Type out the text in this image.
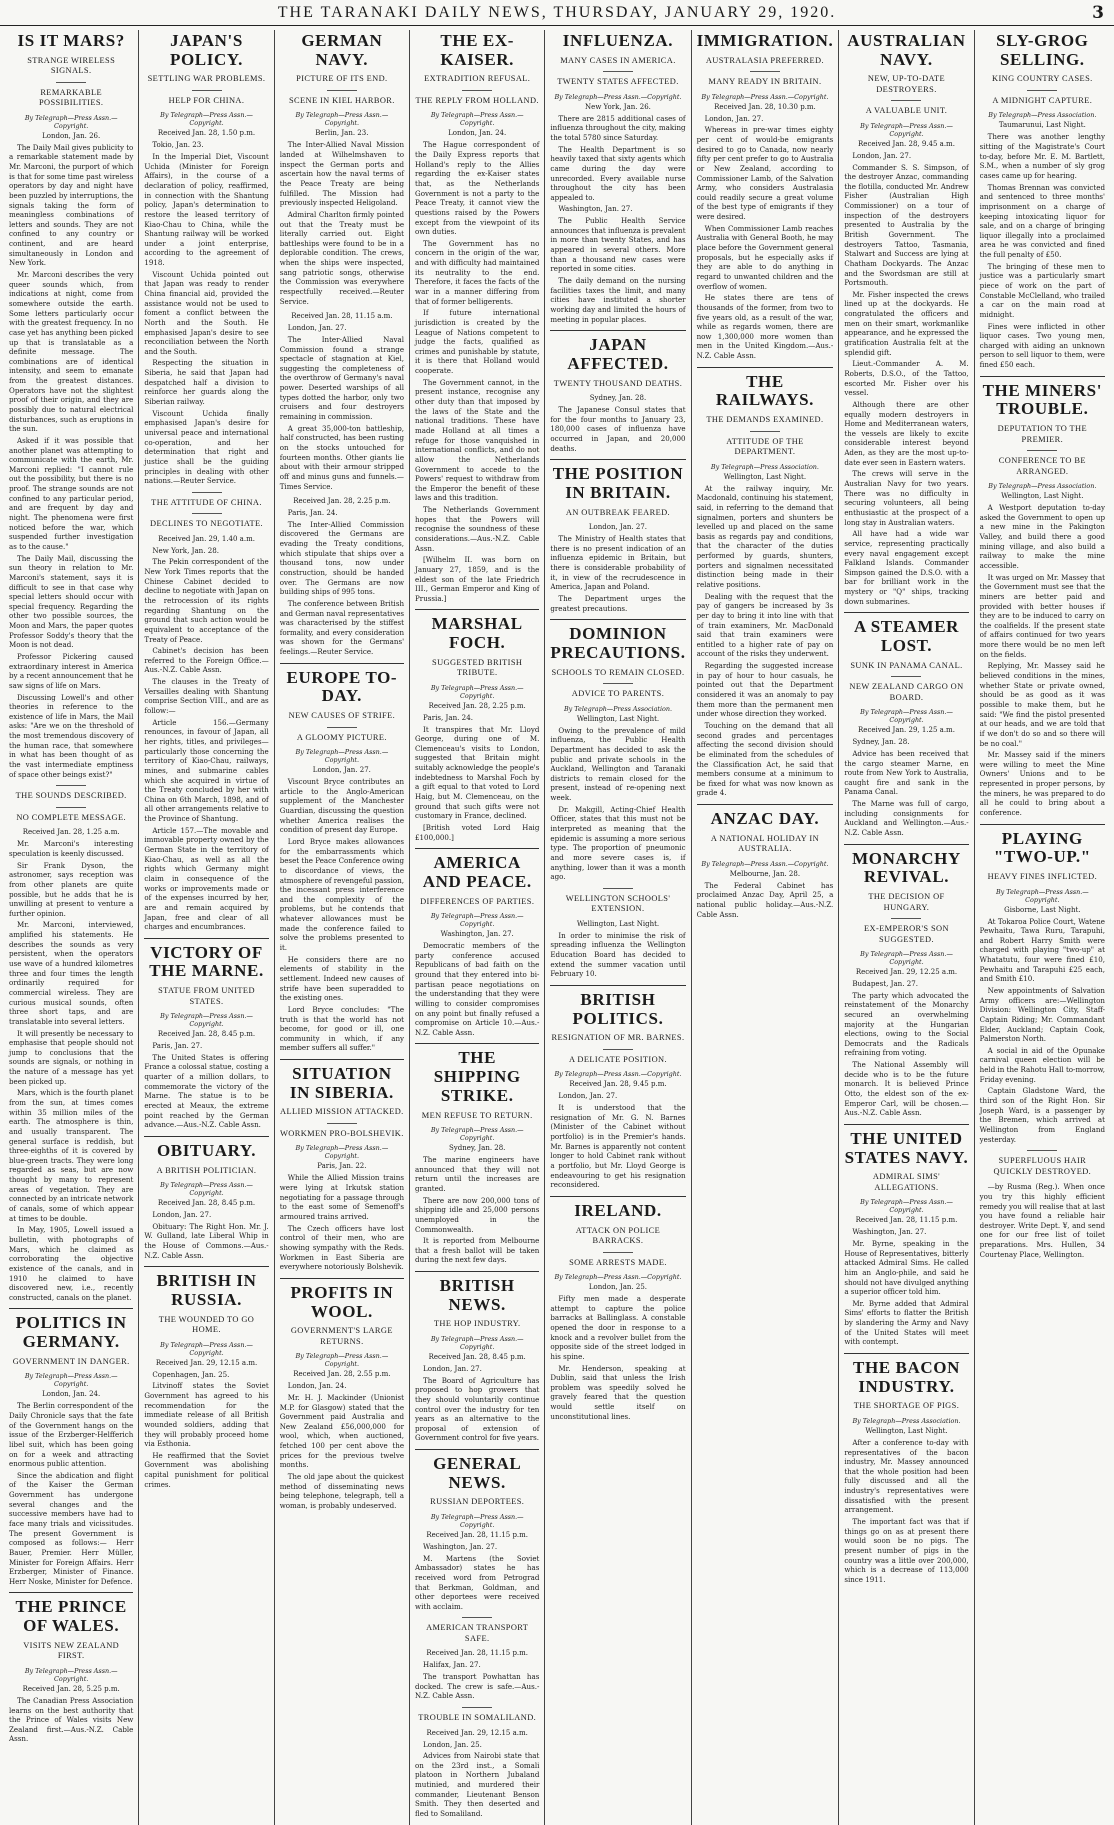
THE TARANAKI DAILY NEWS, THURSDAY, JANUARY 29, 1920.	3
IS IT MARS?
STRANGE WIRELESS SIGNALS.
REMARKABLE POSSIBILITIES.
By Telegraph—Press Assn.—Copyright.
London, Jan. 26.

The Daily Mail gives publicity to a remarkable statement made by Mr. Marconi, the purport of which is that for some time past wireless operators by day and night have been puzzled by interruptions, the signals taking the form of meaningless combinations of letters and sounds. They are not confined to any country or continent, and are heard simultaneously in London and New York.

Mr. Marconi describes the very queer sounds which, from indications at night, come from somewhere outside the earth. Some letters particularly occur with the greatest frequency. In no case yet has anything been picked up that is translatable as a definite message. The combinations are of identical intensity, and seem to emanate from the greatest distances. Operators have not the slightest proof of their origin, and they are possibly due to natural electrical disturbances, such as eruptions in the sun.

Asked if it was possible that another planet was attempting to communicate with the earth, Mr. Marconi replied: "I cannot rule out the possibility, but there is no proof. The strange sounds are not confined to any particular period, and are frequent by day and night. The phenomena were first noticed before the war, which suspended further investigation as to the cause."

The Daily Mail, discussing the sun theory in relation to Mr. Marconi's statement, says it is difficult to see in that case why special letters should occur with special frequency. Regarding the other two possible sources, the Moon and Mars, the paper quotes Professor Soddy's theory that the Moon is not dead.

Professor Pickering caused extraordinary interest in America by a recent announcement that he saw signs of life on Mars.

Discussing Lowell's and other theories in reference to the existence of life in Mars, the Mail asks: "Are we on the threshold of the most tremendous discovery of the human race, that somewhere in what has been thought of as the vast intermediate emptiness of space other beings exist?"

THE SOUNDS DESCRIBED.
NO COMPLETE MESSAGE.
Received Jan. 28, 1.25 a.m.

Mr. Marconi's interesting speculation is keenly discussed.

Sir Frank Dyson, the astronomer, says reception was from other planets are quite possible, but he adds that he is unwilling at present to venture a further opinion.

Mr. Marconi, interviewed, amplified his statements. He describes the sounds as very persistent, when the operators use wave of a hundred kilometres three and four times the length ordinarily required for commercial wireless. They are curious musical sounds, often three short taps, and are translatable into several letters.

It will presently be necessary to emphasise that people should not jump to conclusions that the sounds are signals, or nothing in the nature of a message has yet been picked up.

Mars, which is the fourth planet from the sun, at times comes within 35 million miles of the earth. The atmosphere is thin, and usually transparent. The general surface is reddish, but three-eighths of it is covered by blue-green tracts. They were long regarded as seas, but are now thought by many to represent areas of vegetation. They are connected by an intricate network of canals, some of which appear at times to be double.

In May, 1905, Lowell issued a bulletin, with photographs of Mars, which he claimed as corroborating the objective existence of the canals, and in 1910 he claimed to have discovered new, i.e., recently constructed, canals on the planet.

POLITICS IN GERMANY.
GOVERNMENT IN DANGER.
By Telegraph—Press Assn.—Copyright.
London, Jan. 24.

The Berlin correspondent of the Daily Chronicle says that the fate of the Government hangs on the issue of the Erzberger-Helfferich libel suit, which has been going on for a week and attracting enormous public attention.

Since the abdication and flight of the Kaiser the German Government has undergone several changes and the successive members have had to face many trials and vicissitudes. The present Government is composed as follows:— Herr Bauer, Premier. Herr Müller, Minister for Foreign Affairs. Herr Erzberger, Minister of Finance. Herr Noske, Minister for Defence.

THE PRINCE OF WALES.
VISITS NEW ZEALAND FIRST.
By Telegraph—Press Assn.—Copyright.
Received Jan. 28, 5.25 p.m.

The Canadian Press Association learns on the best authority that the Prince of Wales visits New Zealand first.—Aus.-N.Z. Cable Assn.

JAPAN'S POLICY.
SETTLING WAR PROBLEMS.
HELP FOR CHINA.
By Telegraph—Press Assn.—Copyright.
Received Jan. 28, 1.50 p.m.

Tokio, Jan. 23.

In the Imperial Diet, Viscount Uchida (Minister for Foreign Affairs), in the course of a declaration of policy, reaffirmed, in connection with the Shantung policy, Japan's determination to restore the leased territory of Kiao-Chau to China, while the Shantung railway will be worked under a joint enterprise, according to the agreement of 1918.

Viscount Uchida pointed out that Japan was ready to render China financial aid, provided the assistance would not be used to foment a conflict between the North and the South. He emphasised Japan's desire to see reconciliation between the North and the South.

Respecting the situation in Siberia, he said that Japan had despatched half a division to reinforce her guards along the Siberian railway.

Viscount Uchida finally emphasised Japan's desire for universal peace and international co-operation, and her determination that right and justice shall be the guiding principles in dealing with other nations.—Reuter Service.

THE ATTITUDE OF CHINA.
DECLINES TO NEGOTIATE.
Received Jan. 29, 1.40 a.m.

New York, Jan. 28.

The Pekin correspondent of the New York Times reports that the Chinese Cabinet decided to decline to negotiate with Japan on the retrocession of its rights regarding Shantung on the ground that such action would be equivalent to acceptance of the Treaty of Peace.

Cabinet's decision has been referred to the Foreign Office.—Aus.-N.Z. Cable Assn.

The clauses in the Treaty of Versailles dealing with Shantung comprise Section VIII., and are as follow:—

Article 156.—Germany renounces, in favour of Japan, all her rights, titles, and privileges—particularly those concerning the territory of Kiao-Chau, railways, mines, and submarine cables which she acquired in virtue of the Treaty concluded by her with China on 6th March, 1898, and of all other arrangements relative to the Province of Shantung.

Article 157.—The movable and immovable property owned by the German State in the territory of Kiao-Chau, as well as all the rights which Germany might claim in consequence of the works or improvements made or of the expenses incurred by her, are and remain acquired by Japan, free and clear of all charges and encumbrances.

VICTORY OF THE MARNE.
STATUE FROM UNITED STATES.
By Telegraph—Press Assn.—Copyright.
Received Jan. 28, 8.45 p.m.

Paris, Jan. 27.

The United States is offering France a colossal statue, costing a quarter of a million dollars, to commemorate the victory of the Marne. The statue is to be erected at Meaux, the extreme point reached by the German advance.—Aus.-N.Z. Cable Assn.

OBITUARY.
A BRITISH POLITICIAN.
By Telegraph—Press Assn.—Copyright.
Received Jan. 28, 8.45 p.m.

London, Jan. 27.

Obituary: The Right Hon. Mr. J. W. Gulland, late Liberal Whip in the House of Commons.—Aus.-N.Z. Cable Assn.

BRITISH IN RUSSIA.
THE WOUNDED TO GO HOME.
By Telegraph—Press Assn.—Copyright.
Received Jan. 29, 12.15 a.m.

Copenhagen, Jan. 25.

Litvinoff states the Soviet Government has agreed to his recommendation for the immediate release of all British wounded soldiers, adding that they will probably proceed home via Esthonia.

He reaffirmed that the Soviet Government was abolishing capital punishment for political crimes.

GERMAN NAVY.
PICTURE OF ITS END.
SCENE IN KIEL HARBOR.
By Telegraph—Press Assn.—Copyright.
Berlin, Jan. 23.

The Inter-Allied Naval Mission landed at Wilhelmshaven to inspect the German ports and ascertain how the naval terms of the Peace Treaty are being fulfilled. The Mission had previously inspected Heligoland.

Admiral Charlton firmly pointed out that the Treaty must be literally carried out. Eight battleships were found to be in a deplorable condition. The crews, when the ships were inspected, sang patriotic songs, otherwise the Commission was everywhere respectfully received.—Reuter Service.

Received Jan. 28, 11.15 a.m.

London, Jan. 27.

The Inter-Allied Naval Commission found a strange spectacle of stagnation at Kiel, suggesting the completeness of the overthrow of Germany's naval power. Deserted warships of all types dotted the harbor, only two cruisers and four destroyers remaining in commission.

A great 35,000-ton battleship, half constructed, has been rusting on the stocks untouched for fourteen months. Other giants lie about with their armour stripped off and minus guns and funnels.—Times Service.

Received Jan. 28, 2.25 p.m.

Paris, Jan. 24.

The Inter-Allied Commission discovered the Germans are evading the Treaty conditions, which stipulate that ships over a thousand tons, now under construction, should be handed over. The Germans are now building ships of 995 tons.

The conference between British and German naval representatives was characterised by the stiffest formality, and every consideration was shown for the Germans' feelings.—Reuter Service.

EUROPE TO-DAY.
NEW CAUSES OF STRIFE.
A GLOOMY PICTURE.
By Telegraph—Press Assn.—Copyright.
London, Jan. 27.

Viscount Bryce contributes an article to the Anglo-American supplement of the Manchester Guardian, discussing the question whether America realises the condition of present day Europe.

Lord Bryce makes allowances for the embarrassments which beset the Peace Conference owing to discordance of views, the atmosphere of revengeful passion, the incessant press interference and the complexity of the problems, but he contends that whatever allowances must be made the conference failed to solve the problems presented to it.

He considers there are no elements of stability in the settlement. Indeed new causes of strife have been superadded to the existing ones.

Lord Bryce concludes: "The truth is that the world has not become, for good or ill, one community in which, if any member suffers all suffer."

SITUATION IN SIBERIA.
ALLIED MISSION ATTACKED.
WORKMEN PRO-BOLSHEVIK.
By Telegraph—Press Assn.—Copyright.
Paris, Jan. 22.

While the Allied Mission trains were lying at Irkutsk station negotiating for a passage through to the east some of Semenoff's armoured trains arrived.

The Czech officers have lost control of their men, who are showing sympathy with the Reds. Workmen in East Siberia are everywhere notoriously Bolshevik.

PROFITS IN WOOL.
GOVERNMENT'S LARGE RETURNS.
By Telegraph—Press Assn.—Copyright.
Received Jan. 28, 2.55 p.m.

London, Jan. 24.

Mr. H. J. Mackinder (Unionist M.P. for Glasgow) stated that the Government paid Australia and New Zealand £56,000,000 for wool, which, when auctioned, fetched 100 per cent above the prices for the previous twelve months.

The old jape about the quickest method of disseminating news being telephone, telegraph, tell a woman, is probably undeserved.

THE EX-KAISER.
EXTRADITION REFUSAL.
THE REPLY FROM HOLLAND.
By Telegraph—Press Assn.—Copyright.
London, Jan. 24.

The Hague correspondent of the Daily Express reports that Holland's reply to the Allies regarding the ex-Kaiser states that, as the Netherlands Government is not a party to the Peace Treaty, it cannot view the questions raised by the Powers except from the viewpoint of its own duties.

The Government has no concern in the origin of the war, and with difficulty had maintained its neutrality to the end. Therefore, it faces the facts of the war in a manner differing from that of former belligerents.

If future international jurisdiction is created by the League of Nations competent to judge the facts, qualified as crimes and punishable by statute, it is there that Holland would cooperate.

The Government cannot, in the present instance, recognise any other duty than that imposed by the laws of the State and the national traditions. These have made Holland at all times a refuge for those vanquished in international conflicts, and do not allow the Netherlands Government to accede to the Powers' request to withdraw from the Emperor the benefit of these laws and this tradition.

The Netherlands Government hopes that the Powers will recognise the soundness of these considerations.—Aus.-N.Z. Cable Assn.

[Wilhelm II. was born on January 27, 1859, and is the eldest son of the late Friedrich III., German Emperor and King of Prussia.]

MARSHAL FOCH.
SUGGESTED BRITISH TRIBUTE.
By Telegraph—Press Assn.—Copyright.
Received Jan. 28, 2.25 p.m.

Paris, Jan. 24.

It transpires that Mr. Lloyd George, during one of M. Clemenceau's visits to London, suggested that Britain might suitably acknowledge the people's indebtedness to Marshal Foch by a gift equal to that voted to Lord Haig, but M. Clemenceau, on the ground that such gifts were not customary in France, declined.

[British voted Lord Haig £100,000.]

AMERICA AND PEACE.
DIFFERENCES OF PARTIES.
By Telegraph—Press Assn.—Copyright.
Washington, Jan. 27.

Democratic members of the party conference accused Republicans of bad faith on the ground that they entered into bi-partisan peace negotiations on the understanding that they were willing to consider compromises on any point but finally refused a compromise on Article 10.—Aus.-N.Z. Cable Assn.

THE SHIPPING STRIKE.
MEN REFUSE TO RETURN.
By Telegraph—Press Assn.—Copyright.
Sydney, Jan. 28.

The marine engineers have announced that they will not return until the increases are granted.

There are now 200,000 tons of shipping idle and 25,000 persons unemployed in the Commonwealth.

It is reported from Melbourne that a fresh ballot will be taken during the next few days.

BRITISH NEWS.
THE HOP INDUSTRY.
By Telegraph—Press Assn.—Copyright.
Received Jan. 28, 8.45 p.m.

London, Jan. 27.

The Board of Agriculture has proposed to hop growers that they should voluntarily continue control over the industry for ten years as an alternative to the proposal of extension of Government control for five years.

GENERAL NEWS.
RUSSIAN DEPORTEES.
By Telegraph—Press Assn.—Copyright.
Received Jan. 28, 11.15 p.m.

Washington, Jan. 27.

M. Martens (the Soviet Ambassador) states he has received word from Petrograd that Berkman, Goldman, and other deportees were received with acclaim.

AMERICAN TRANSPORT SAFE.
Received Jan. 28, 11.15 p.m.

Halifax, Jan. 27.

The transport Powhattan has docked. The crew is safe.—Aus.-N.Z. Cable Assn.

TROUBLE IN SOMALILAND.
Received Jan. 29, 12.15 a.m.

London, Jan. 25.

Advices from Nairobi state that on the 23rd inst., a Somali platoon in Northern Jubaland mutinied, and murdered their commander, Lieutenant Benson Smith. They then deserted and fled to Somaliland.

INFLUENZA.
MANY CASES IN AMERICA.
TWENTY STATES AFFECTED.
By Telegraph—Press Assn.—Copyright.
New York, Jan. 26.

There are 2815 additional cases of influenza throughout the city, making the total 5780 since Saturday.

The Health Department is so heavily taxed that sixty agents which came during the day were unrecorded. Every available nurse throughout the city has been appealed to.

Washington, Jan. 27.

The Public Health Service announces that influenza is prevalent in more than twenty States, and has appeared in several others. More than a thousand new cases were reported in some cities.

The daily demand on the nursing facilities taxes the limit, and many cities have instituted a shorter working day and limited the hours of meeting in popular places.

JAPAN AFFECTED.
TWENTY THOUSAND DEATHS.
Sydney, Jan. 28.

The Japanese Consul states that for the four months to January 23, 180,000 cases of influenza have occurred in Japan, and 20,000 deaths.

THE POSITION IN BRITAIN.
AN OUTBREAK FEARED.
London, Jan. 27.

The Ministry of Health states that there is no present indication of an influenza epidemic in Britain, but there is considerable probability of it, in view of the recrudescence in America, Japan and Poland.

The Department urges the greatest precautions.

DOMINION PRECAUTIONS.
SCHOOLS TO REMAIN CLOSED.
ADVICE TO PARENTS.
By Telegraph—Press Association.
Wellington, Last Night.

Owing to the prevalence of mild influenza, the Public Health Department has decided to ask the public and private schools in the Auckland, Wellington and Taranaki districts to remain closed for the present, instead of re-opening next week.

Dr. Makgill, Acting-Chief Health Officer, states that this must not be interpreted as meaning that the epidemic is assuming a more serious type. The proportion of pneumonic and more severe cases is, if anything, lower than it was a month ago.

WELLINGTON SCHOOLS' EXTENSION.
Wellington, Last Night.

In order to minimise the risk of spreading influenza the Wellington Education Board has decided to extend the summer vacation until February 10.

BRITISH POLITICS.
RESIGNATION OF MR. BARNES.
A DELICATE POSITION.
By Telegraph—Press Assn.—Copyright.
Received Jan. 28, 9.45 p.m.

London, Jan. 27.

It is understood that the resignation of Mr. G. N. Barnes (Minister of the Cabinet without portfolio) is in the Premier's hands. Mr. Barnes is apparently not content longer to hold Cabinet rank without a portfolio, but Mr. Lloyd George is endeavouring to get his resignation reconsidered.

IRELAND.
ATTACK ON POLICE BARRACKS.
SOME ARRESTS MADE.
By Telegraph—Press Assn.—Copyright.
London, Jan. 25.

Fifty men made a desperate attempt to capture the police barracks at Ballinglass. A constable opened the door in response to a knock and a revolver bullet from the opposite side of the street lodged in his spine.

Mr. Henderson, speaking at Dublin, said that unless the Irish problem was speedily solved he gravely feared that the question would settle itself on unconstitutional lines.

IMMIGRATION.
AUSTRALASIA PREFERRED.
MANY READY IN BRITAIN.
By Telegraph—Press Assn.—Copyright.
Received Jan. 28, 10.30 p.m.

London, Jan. 27.

Whereas in pre-war times eighty per cent of would-be emigrants desired to go to Canada, now nearly fifty per cent prefer to go to Australia or New Zealand, according to Commissioner Lamb, of the Salvation Army, who considers Australasia could readily secure a great volume of the best type of emigrants if they were desired.

When Commissioner Lamb reaches Australia with General Booth, he may place before the Government general proposals, but he especially asks if they are able to do anything in regard to unwanted children and the overflow of women.

He states there are tens of thousands of the former, from two to five years old, as a result of the war, while as regards women, there are now 1,300,000 more women than men in the United Kingdom.—Aus.-N.Z. Cable Assn.

THE RAILWAYS.
THE DEMANDS EXAMINED.
ATTITUDE OF THE DEPARTMENT.
By Telegraph—Press Association.
Wellington, Last Night.

At the railway inquiry, Mr. Macdonald, continuing his statement, said, in referring to the demand that signalmen, porters and shunters be levelled up and placed on the same basis as regards pay and conditions, that the character of the duties performed by guards, shunters, porters and signalmen necessitated distinction being made in their relative positions.

Dealing with the request that the pay of gangers be increased by 3s per day to bring it into line with that of train examiners, Mr. MacDonald said that train examiners were entitled to a higher rate of pay on account of the risks they underwent.

Regarding the suggested increase in pay of hour to hour casuals, he pointed out that the Department considered it was an anomaly to pay them more than the permanent men under whose direction they worked.

Touching on the demand that all second grades and percentages affecting the second division should be eliminated from the schedules of the Classification Act, he said that members consume at a minimum to be fixed for what was now known as grade 4.

ANZAC DAY.
A NATIONAL HOLIDAY IN AUSTRALIA.
By Telegraph—Press Assn.—Copyright.
Melbourne, Jan. 28.

The Federal Cabinet has proclaimed Anzac Day, April 25, a national public holiday.—Aus.-N.Z. Cable Assn.

AUSTRALIAN NAVY.
NEW, UP-TO-DATE DESTROYERS.
A VALUABLE UNIT.
By Telegraph—Press Assn.—Copyright.
Received Jan. 28, 9.45 a.m.

London, Jan. 27.

Commander S. S. Simpson, of the destroyer Anzac, commanding the flotilla, conducted Mr. Andrew Fisher (Australian High Commissioner) on a tour of inspection of the destroyers presented to Australia by the British Government. The destroyers Tattoo, Tasmania, Stalwart and Success are lying at Chatham Dockyards. The Anzac and the Swordsman are still at Portsmouth.

Mr. Fisher inspected the crews lined up at the dockyards. He congratulated the officers and men on their smart, workmanlike appearance, and he expressed the gratification Australia felt at the splendid gift.

Lieut.-Commander A. M. Roberts, D.S.O., of the Tattoo, escorted Mr. Fisher over his vessel.

Although there are other equally modern destroyers in Home and Mediterranean waters, the vessels are likely to excite considerable interest beyond Aden, as they are the most up-to-date ever seen in Eastern waters.

The crews will serve in the Australian Navy for two years. There was no difficulty in securing volunteers, all being enthusiastic at the prospect of a long stay in Australian waters.

All have had a wide war service, representing practically every naval engagement except Falkland Islands. Commander Simpson gained the D.S.O. with a bar for brilliant work in the mystery or "Q" ships, tracking down submarines.

A STEAMER LOST.
SUNK IN PANAMA CANAL.
NEW ZEALAND CARGO ON BOARD.
By Telegraph—Press Assn.—Copyright.
Received Jan. 29, 1.25 a.m.

Sydney, Jan. 28.

Advice has been received that the cargo steamer Marne, en route from New York to Australia, caught fire and sank in the Panama Canal.

The Marne was full of cargo, including consignments for Auckland and Wellington.—Aus.-N.Z. Cable Assn.

MONARCHY REVIVAL.
THE DECISION OF HUNGARY.
EX-EMPEROR'S SON SUGGESTED.
By Telegraph—Press Assn.—Copyright.
Received Jan. 29, 12.25 a.m.

Budapest, Jan. 27.

The party which advocated the reinstatement of the Monarchy secured an overwhelming majority at the Hungarian elections, owing to the Social Democrats and the Radicals refraining from voting.

The National Assembly will decide who is to be the future monarch. It is believed Prince Otto, the eldest son of the ex-Emperor Carl, will be chosen.—Aus.-N.Z. Cable Assn.

THE UNITED STATES NAVY.
ADMIRAL SIMS' ALLEGATIONS.
By Telegraph—Press Assn.—Copyright.
Received Jan. 28, 11.15 p.m.

Washington, Jan. 27.

Mr. Byrne, speaking in the House of Representatives, bitterly attacked Admiral Sims. He called him an Anglo-phile, and said he should not have divulged anything a superior officer told him.

Mr. Byrne added that Admiral Sims' efforts to flatter the British by slandering the Army and Navy of the United States will meet with contempt.

THE BACON INDUSTRY.
THE SHORTAGE OF PIGS.
By Telegraph—Press Association.
Wellington, Last Night.

After a conference to-day with representatives of the bacon industry, Mr. Massey announced that the whole position had been fully discussed and all the industry's representatives were dissatisfied with the present arrangement.

The important fact was that if things go on as at present there would soon be no pigs. The present number of pigs in the country was a little over 200,000, which is a decrease of 113,000 since 1911.

SLY-GROG SELLING.
KING COUNTRY CASES.
A MIDNIGHT CAPTURE.
By Telegraph—Press Association.
Taumarunui, Last Night.

There was another lengthy sitting of the Magistrate's Court to-day, before Mr. E. M. Bartlett, S.M., when a number of sly grog cases came up for hearing.

Thomas Brennan was convicted and sentenced to three months' imprisonment on a charge of keeping intoxicating liquor for sale, and on a charge of bringing liquor illegally into a proclaimed area he was convicted and fined the full penalty of £50.

The bringing of these men to justice was a particularly smart piece of work on the part of Constable McClelland, who trailed a car on the main road at midnight.

Fines were inflicted in other liquor cases. Two young men, charged with aiding an unknown person to sell liquor to them, were fined £50 each.

THE MINERS' TROUBLE.
DEPUTATION TO THE PREMIER.
CONFERENCE TO BE ARRANGED.
By Telegraph—Press Association.
Wellington, Last Night.

A Westport deputation to-day asked the Government to open up a new mine in the Pakington Valley, and build there a good mining village, and also build a railway to make the mine accessible.

It was urged on Mr. Massey that the Government must see that the miners are better paid and provided with better houses if they are to be induced to carry on the coalfields. If the present state of affairs continued for two years more there would be no men left on the fields.

Replying, Mr. Massey said he believed conditions in the mines, whether State or private owned, should be as good as it was possible to make them, but he said: "We find the pistol presented at our heads, and we are told that if we don't do so and so there will be no coal."

Mr. Massey said if the miners were willing to meet the Mine Owners' Unions and to be represented in proper persons, by the miners, he was prepared to do all he could to bring about a conference.

PLAYING "TWO-UP."
HEAVY FINES INFLICTED.
By Telegraph—Press Assn.—Copyright.
Gisborne, Last Night.

At Tokaroa Police Court, Watene Pewhaitu, Tawa Ruru, Tarapuhi, and Robert Harry Smith were charged with playing "two-up" at Whatatutu, four were fined £10, Pewhaitu and Tarapuhi £25 each, and Smith £10.

New appointments of Salvation Army officers are:—Wellington Division: Wellington City, Staff-Captain Riding; Mr. Commandant Elder, Auckland; Captain Cook, Palmerston North.

A social in aid of the Opunake carnival queen election will be held in the Rahotu Hall to-morrow, Friday evening.

Captain Gladstone Ward, the third son of the Right Hon. Sir Joseph Ward, is a passenger by the Bremen, which arrived at Wellington from England yesterday.

SUPERFLUOUS HAIR QUICKLY DESTROYED.

—by Rusma (Reg.). When once you try this highly efficient remedy you will realise that at last you have found a reliable hair destroyer. Write Dept. ¥, and send one for our free list of toilet preparations. Mrs. Hullen, 34 Courtenay Place, Wellington.
